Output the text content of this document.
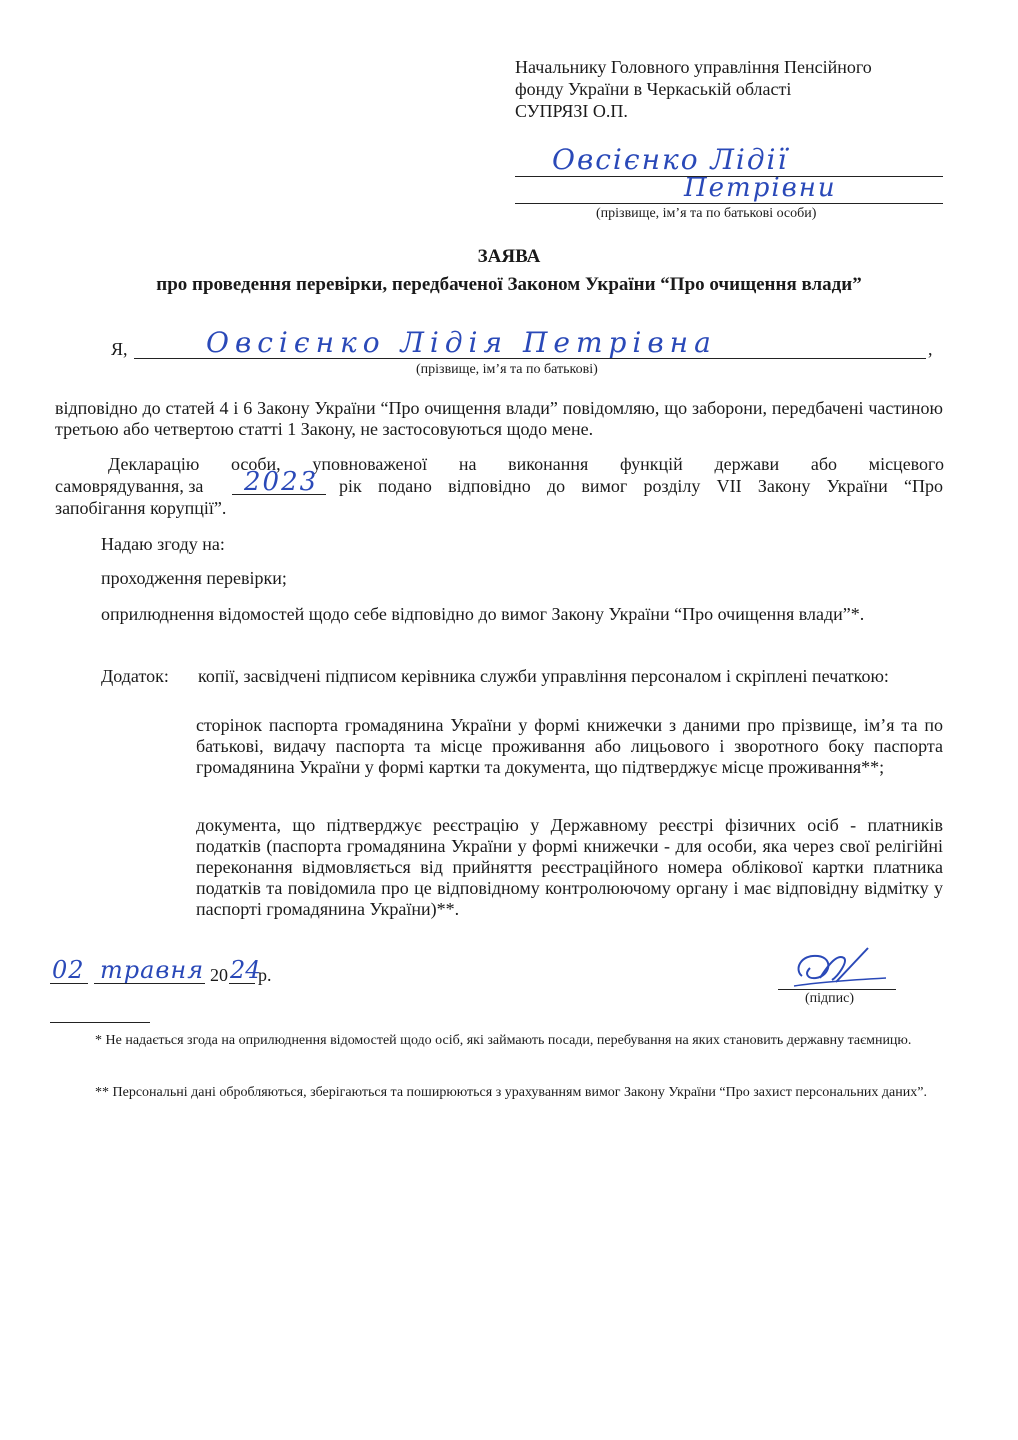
Начальнику Головного управління Пенсійного
фонду України в Черкаській області
СУПРЯЗІ О.П.
Овсієнко Лідії
Петрівни
(прізвище, ім’я та по батькові особи)
ЗАЯВА
про проведення перевірки, передбаченої Законом України “Про очищення влади”
Я,	Овсієнко Лідія Петрівна	,
(прізвище, ім’я та по батькові)
відповідно до статей 4 і 6 Закону України “Про очищення влади” повідомляю, що заборони, передбачені частиною третьою або четвертою статті 1 Закону, не застосовуються щодо мене.
Декларацію особи, уповноваженої на виконання функцій держави або місцевого
самоврядування, за 2023 рік подано відповідно до вимог розділу VII Закону України “Про
запобігання корупції”.
Надаю згоду на:
проходження перевірки;
оприлюднення відомостей щодо себе відповідно до вимог Закону України “Про очищення влади”*.
Додаток: копії, засвідчені підписом керівника служби управління персоналом і скріплені печаткою:
сторінок паспорта громадянина України у формі книжечки з даними про прізвище, ім’я та по батькові, видачу паспорта та місце проживання або лицьового і зворотного боку паспорта громадянина України у формі картки та документа, що підтверджує місце проживання**;
документа, що підтверджує реєстрацію у Державному реєстрі фізичних осіб - платників податків (паспорта громадянина України у формі книжечки - для особи, яка через свої релігійні переконання відмовляється від прийняття реєстраційного номера облікової картки платника податків та повідомила про це відповідному контролюючому органу і має відповідну відмітку у паспорті громадянина України)**.
02 травня 20 24
р.
(підпис)
* Не надається згода на оприлюднення відомостей щодо осіб, які займають посади, перебування на яких становить державну таємницю.
** Персональні дані обробляються, зберігаються та поширюються з урахуванням вимог Закону України “Про захист персональних даних”.
